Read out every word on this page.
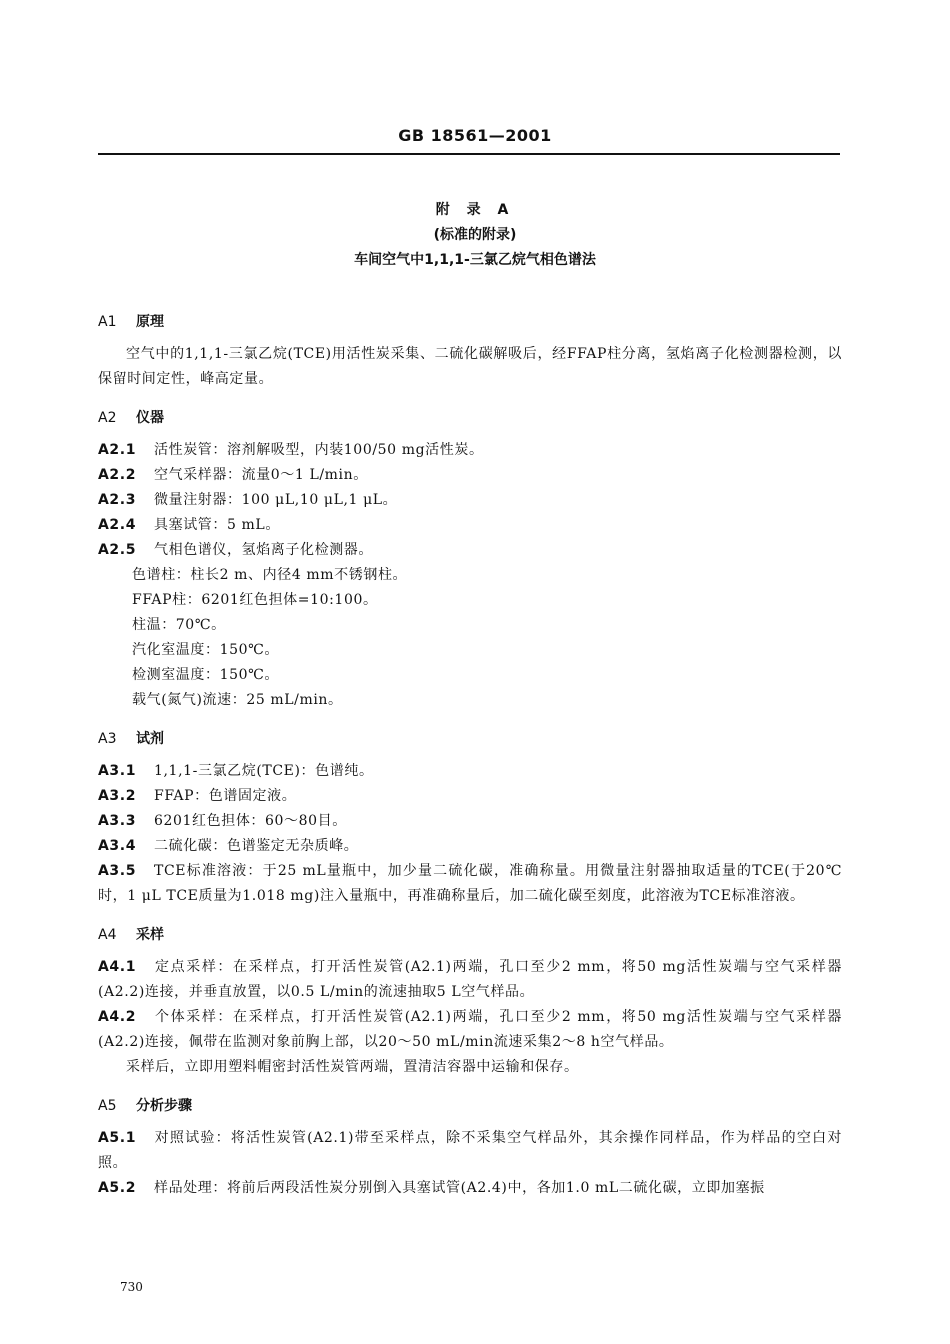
GB 18561—2001
附 录 A
(标准的附录)
车间空气中1,1,1-三氯乙烷气相色谱法
A1 原理
空气中的1,1,1-三氯乙烷(TCE)用活性炭采集、二硫化碳解吸后，经FFAP柱分离，氢焰离子化检测器检测，以保留时间定性，峰高定量。
A2 仪器
A2.1	活性炭管：溶剂解吸型，内装100/50 mg活性炭。
A2.2	空气采样器：流量0～1 L/min。
A2.3	微量注射器：100 μL,10 μL,1 μL。
A2.4	具塞试管：5 mL。
A2.5	气相色谱仪，氢焰离子化检测器。
色谱柱：柱长2 m、内径4 mm不锈钢柱。
FFAP柱：6201红色担体=10:100。
柱温：70℃。
汽化室温度：150℃。
检测室温度：150℃。
载气(氮气)流速：25 mL/min。
A3 试剂
A3.1	1,1,1-三氯乙烷(TCE)：色谱纯。
A3.2	FFAP：色谱固定液。
A3.3	6201红色担体：60～80目。
A3.4	二硫化碳：色谱鉴定无杂质峰。
A3.5 TCE标准溶液：于25 mL量瓶中，加少量二硫化碳，准确称量。用微量注射器抽取适量的TCE(于20℃时，1 μL TCE质量为1.018 mg)注入量瓶中，再准确称量后，加二硫化碳至刻度，此溶液为TCE标准溶液。
A4 采样
A4.1 定点采样：在采样点，打开活性炭管(A2.1)两端，孔口至少2 mm，将50 mg活性炭端与空气采样器(A2.2)连接，并垂直放置，以0.5 L/min的流速抽取5 L空气样品。
A4.2 个体采样：在采样点，打开活性炭管(A2.1)两端，孔口至少2 mm，将50 mg活性炭端与空气采样器(A2.2)连接，佩带在监测对象前胸上部，以20～50 mL/min流速采集2～8 h空气样品。
采样后，立即用塑料帽密封活性炭管两端，置清洁容器中运输和保存。
A5 分析步骤
A5.1 对照试验：将活性炭管(A2.1)带至采样点，除不采集空气样品外，其余操作同样品，作为样品的空白对照。
A5.2 样品处理：将前后两段活性炭分别倒入具塞试管(A2.4)中，各加1.0 mL二硫化碳，立即加塞振
730
